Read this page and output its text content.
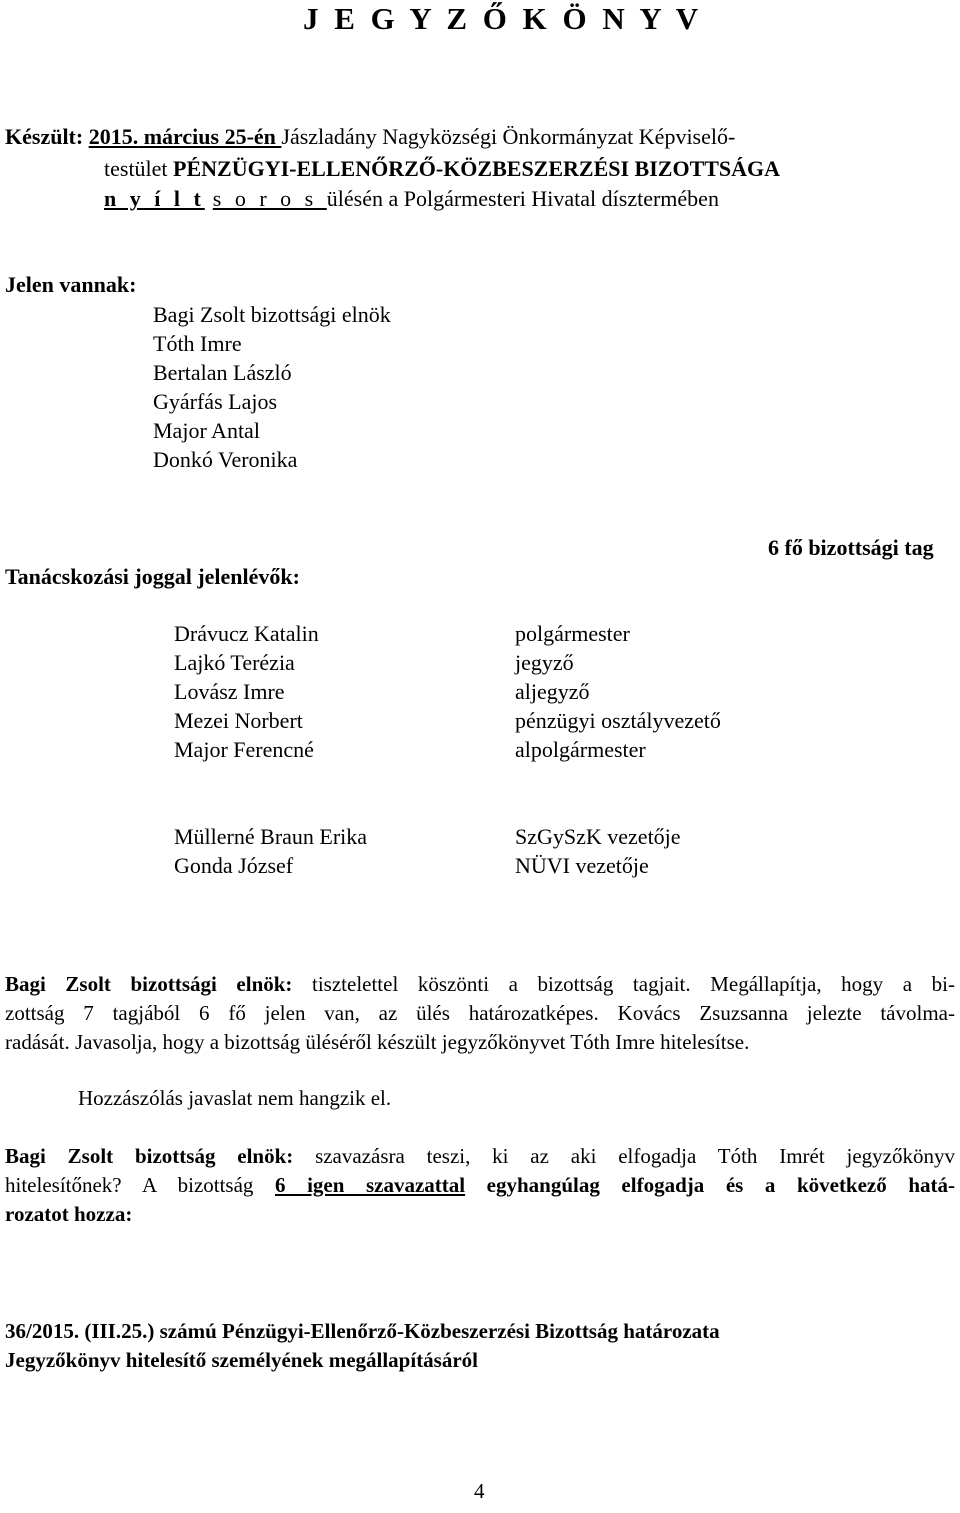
J E G Y Z Ő K Ö N Y V
Készült: 2015. március 25-én Jászladány Nagyközségi Önkormányzat Képviselő-
testület PÉNZÜGYI-ELLENŐRZŐ-KÖZBESZERZÉSI BIZOTTSÁGA
n y í l t s o r o s ülésén a Polgármesteri Hivatal dísztermében
Jelen vannak:
Bagi Zsolt bizottsági elnök
Tóth Imre
Bertalan László
Gyárfás Lajos
Major Antal
Donkó Veronika
6 fő bizottsági tag
Tanácskozási joggal jelenlévők:
Drávucz Katalin	polgármester
Lajkó Terézia	jegyző
Lovász Imre	aljegyző
Mezei Norbert	pénzügyi osztályvezető
Major Ferencné	alpolgármester
Müllerné Braun Erika	SzGySzK vezetője
Gonda József	NÜVI vezetője
Bagi Zsolt bizottsági elnök: tisztelettel köszönti a bizottság tagjait. Megállapítja, hogy a bi-
zottság 7 tagjából 6 fő jelen van, az ülés határozatképes. Kovács Zsuzsanna jelezte távolma-
radását. Javasolja, hogy a bizottság üléséről készült jegyzőkönyvet Tóth Imre hitelesítse.
Hozzászólás javaslat nem hangzik el.
Bagi Zsolt bizottság elnök: szavazásra teszi, ki az aki elfogadja Tóth Imrét jegyzőkönyv
hitelesítőnek? A bizottság 6 igen szavazattal egyhangúlag elfogadja és a következő hatá-
rozatot hozza:
36/2015. (III.25.) számú Pénzügyi-Ellenőrző-Közbeszerzési Bizottság határozata
Jegyzőkönyv hitelesítő személyének megállapításáról
4
